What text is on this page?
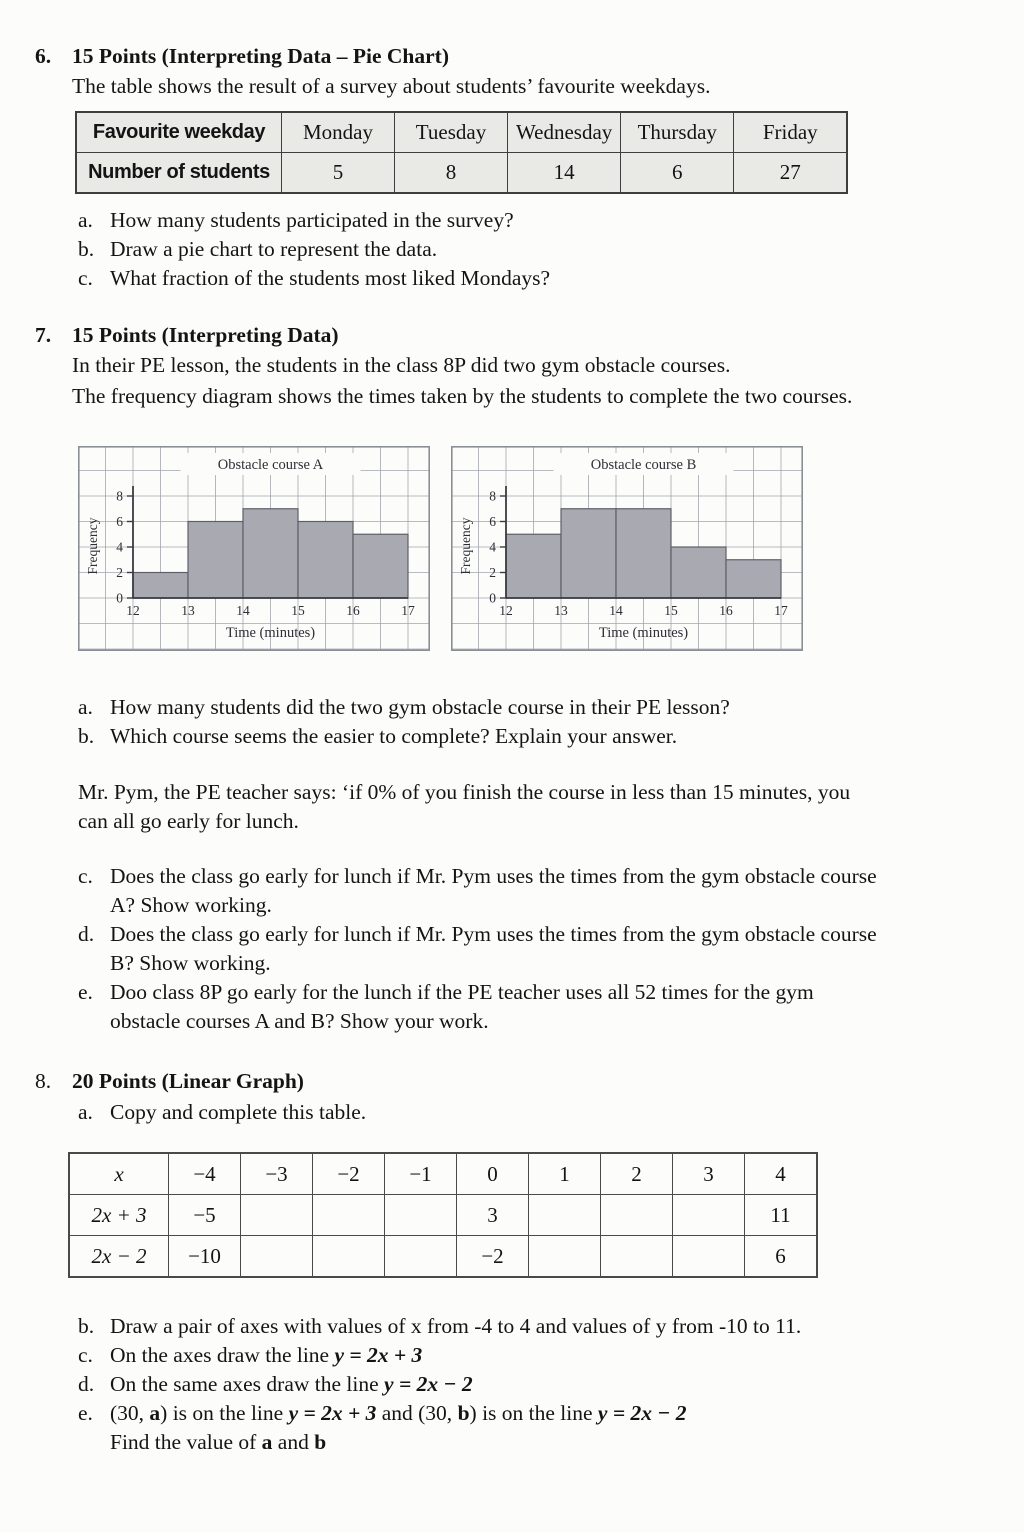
6. 15 Points (Interpreting Data – Pie Chart)

The table shows the result of a survey about students’ favourite weekdays.

Favourite weekday	Monday	Tuesday	Wednesday	Thursday	Friday
Number of students	5	8	14	6	27
a. How many students participated in the survey?
b. Draw a pie chart to represent the data.
c. What fraction of the students most liked Mondays?
7. 15 Points (Interpreting Data)

In their PE lesson, the students in the class 8P did two gym obstacle courses.

The frequency diagram shows the times taken by the students to complete the two courses.

0
2
4
6
8
12	13	14	15	16	17
Obstacle course A
Frequency
Time (minutes)
0
2
4
6
8
12	13	14	15	16	17
Obstacle course B
Frequency
Time (minutes)
a. How many students did the two gym obstacle course in their PE lesson?
b. Which course seems the easier to complete? Explain your answer.

Mr. Pym, the PE teacher says: ‘if 0% of you finish the course in less than 15 minutes, you
can all go early for lunch.

c. Does the class go early for lunch if Mr. Pym uses the times from the gym obstacle course
A? Show working.
d. Does the class go early for lunch if Mr. Pym uses the times from the gym obstacle course
B? Show working.
e. Doo class 8P go early for the lunch if the PE teacher uses all 52 times for the gym
obstacle courses A and B? Show your work.
8. 20 Points (Linear Graph)
a. Copy and complete this table.
x	−4	−3	−2	−1	0	1	2	3	4
2x + 3	−5				3				11
2x − 2	−10				−2				6
b. Draw a pair of axes with values of x from -4 to 4 and values of y from -10 to 11.
c. On the axes draw the line y = 2x + 3
d. On the same axes draw the line y = 2x − 2
e. (30, a) is on the line y = 2x + 3 and (30, b) is on the line y = 2x − 2
Find the value of a and b
